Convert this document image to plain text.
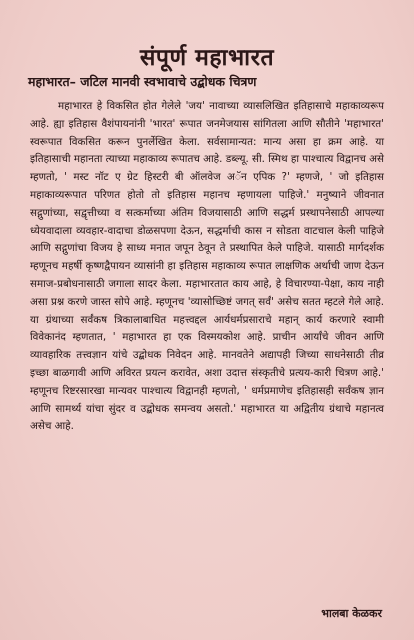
संपूर्ण महाभारत
महाभारत– जटिल मानवी स्वभावाचे उद्बोधक चित्रण
महाभारत हे विकसित होत गेलेले 'जय' नावाच्या व्यासलिखित इतिहासाचे महाकाव्यरूप आहे. ह्या इतिहास वैशंपायनांनी 'भारत' रूपात जनमेजयास सांगितला आणि सौतीने 'महाभारत' स्वरूपात विकसित करून पुनर्लेखित केला. सर्वसामान्यत: मान्य असा हा क्रम आहे. या इतिहासाची महानता त्याच्या महाकाव्य रूपातच आहे. डब्ल्यू. सी. स्मिथ हा पाश्चात्य विद्वानच असे म्हणतो, ' मस्ट नॉट ए ग्रेट हिस्टरी बी ऑलवेज अॅन एपिक ?' म्हणजे, ' जो इतिहास महाकाव्यरूपात परिणत होतो तो इतिहास महानच म्हणायला पाहिजे.' मनुष्याने जीवनात सद्गुणांच्या, सद्वृत्तीच्या व सत्कर्माच्या अंतिम विजयासाठी आणि सद्धर्म प्रस्थापनेसाठी आपल्या ध्येयवादाला व्यवहार-वादाचा डोळसपणा देऊन, सद्धर्माची कास न सोडता वाटचाल केली पाहिजे आणि सद्गुणांचा विजय हे साध्य मनात जपून ठेवून ते प्रस्थापित केले पाहिजे. यासाठी मार्गदर्शक म्हणूनच महर्षी कृष्णद्वैपायन व्यासांनी हा इतिहास महाकाव्य रूपात लाक्षणिक अर्थाची जाण देऊन समाज-प्रबोधनासाठी जगाला सादर केला. महाभारतात काय आहे, हे विचारण्या-पेक्षा, काय नाही असा प्रश्न करणे जास्त सोपे आहे. म्हणूनच 'व्यासोच्छिष्टं जगत् सर्वं' असेच सतत म्हटले गेले आहे. या ग्रंथाच्या सर्वंकष त्रिकालाबाधित महत्त्वद्दल आर्यधर्मप्रसाराचे महान् कार्य करणारे स्वामी विवेकानंद म्हणतात, ' महाभारत हा एक विस्मयकोश आहे. प्राचीन आर्यांचे जीवन आणि व्यावहारिक तत्त्वज्ञान यांचे उद्बोधक निवेदन आहे. मानवतेने अद्यापही जिच्या साधनेसाठी तीव्र इच्छा बाळगावी आणि अविरत प्रयत्न करावेत, अशा उदात्त संस्कृतीचे प्रत्यय-कारी चित्रण आहे.' म्हणूनच रिष्टरसारखा मान्यवर पाश्चात्य विद्वानही म्हणतो, ' धर्मप्रमाणेच इतिहासही सर्वंकष ज्ञान आणि सामर्थ्य यांचा सुंदर व उद्बोधक समन्वय असतो.' महाभारत या अद्वितीय ग्रंथाचे महानत्व असेच आहे.
भालबा केळकर
